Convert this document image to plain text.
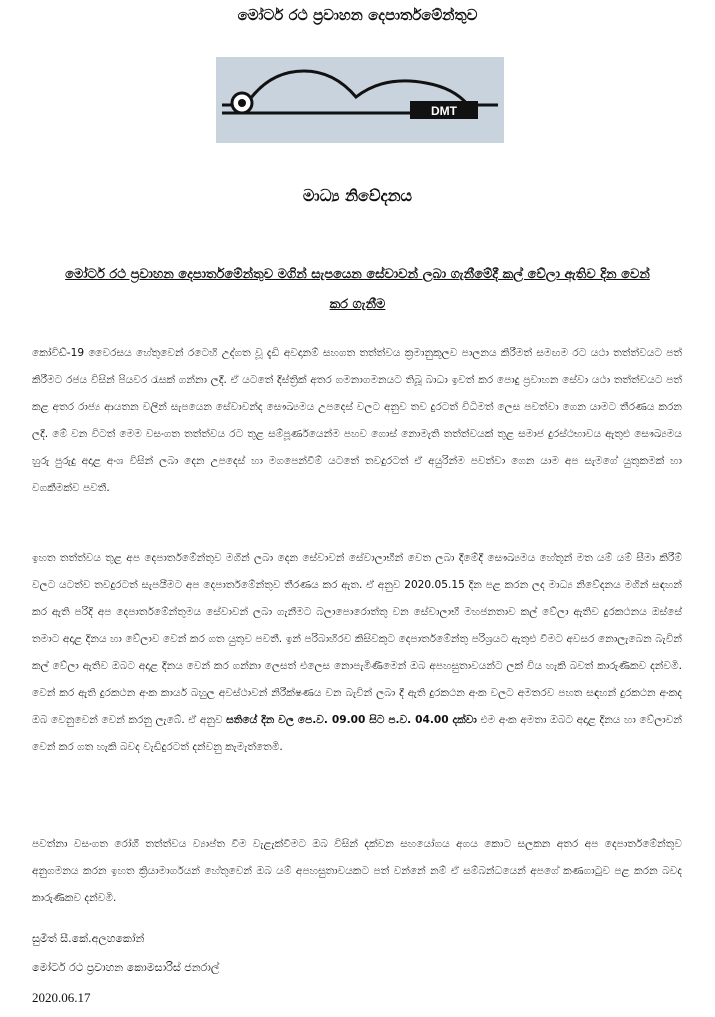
මෝටර් රථ ප්‍රවාහන දෙපාර්තමේන්තුව
DMT
මාධ්‍ය නිවේදනය
මෝටර් රථ ප්‍රවාහන දෙපාර්තමේන්තුව මගින් සැපයෙන සේවාවන් ලබා ගැනීමේදී කල් වේලා ඇතිව දින වෙන් කර ගැනීම
කෝවිඩ්-19 වෛරසය හේතුවෙන් රටෙහි උද්ගත වූ දැඩි අවදානම් සහගත තත්ත්වය ක්‍රමානුකූලව පාලනය කිරීමත් සමඟම රට යථා තත්ත්වයට පත් කිරීමට රජය විසින් පියවර රැසක් ගන්නා ලදී. ඒ යටතේ දිස්ත්‍රික් අතර ගමනාගමනයට තිබූ බාධා ඉවත් කර පොදු ප්‍රවාහන සේවා යථා තත්ත්වයට පත් කළ අතර රාජ්‍ය ආයතන වලින් සැපයෙන සේවාවන්ද සෞඛ්‍යමය උපදෙස් වලට අනුව තව දුරටත් විධිමත් ලෙස පවත්වා ගෙන යාමට තීරණය කරන ලදී. මේ වන විටත් මෙම වසංගත තත්ත්වය රට තුළ සම්පූර්ණයෙන්ම පහව ගොස් නොමැති තත්ත්වයක් තුළ සමාජ දුරස්ථභාවය ඇතුළු සෞඛ්‍යමය හුරු පුරුදු අදාළ අංශ විසින් ලබා දෙන උපදෙස් හා මගපෙන්වීම් යටතේ තවදුරටත් ඒ අයුරින්ම පවත්වා ගෙන යාම අප සැමගේ යුතුකමක් හා වගකීමක්ව පවතී.
ඉහත තත්ත්වය තුළ අප දෙපාර්තමේන්තුව මගින් ලබා දෙන සේවාවන් සේවාලාභීන් වෙත ලබා දීමේදී සෞඛ්‍යමය හේතූන් මත යම් යම් සීමා කිරීම් වලට යටත්ව තවදුරටත් සැපයීමට අප දෙපාර්තමේන්තුව තීරණය කර ඇත. ඒ අනුව 2020.05.15 දින පළ කරන ලද මාධ්‍ය නිවේදනය මගින් සඳහන් කර ඇති පරිදි අප දෙපාර්තමේන්තුමය සේවාවන් ලබා ගැනීමට බලාපොරොත්තු වන සේවාලාභී මහජනතාව කල් වේලා ඇතිව දුරකථනය ඔස්සේ තමාට අදාළ දිනය හා වේලාව වෙන් කර ගත යුතුව පවතී. ඉන් පරිබාහිරව කිසිවකුට දෙපාර්තමේන්තු පරිශ්‍රයට ඇතුළු වීමට අවසර නොලැබෙන බැවින් කල් වේලා ඇතිව ඔබට අදාළ දිනය වෙන් කර ගන්නා ලෙසත් එලෙස නොපැමිණීමෙන් ඔබ අපහසුතාවයන්ට ලක් විය හැකි බවත් කාරුණිකව දන්වමි. වෙන් කර ඇති දුරකථන අංක කාර්ය බහුල අවස්ථාවන් නිරීක්ෂණය වන බැවින් ලබා දී ඇති දුරකථන අංක වලට අමතරව පහත සඳහන් දුරකථන අංකද ඔබ වෙනුවෙන් වෙන් කරනු ලැබේ. ඒ අනුව සතියේ දින වල පෙ.ව. 09.00 සිට ප.ව. 04.00 දක්වා එම අංක අමතා ඔබට අදාළ දිනය හා වේලාවන් වෙන් කර ගත හැකි බවද වැඩිදුරටත් දන්වනු කැමැත්තෙමි.
පවත්නා වසංගත රෝගී තත්ත්වය ව්‍යාප්ත වීම වැළැක්වීමට ඔබ විසින් දක්වන සහයෝගය අගය කොට සලකන අතර අප දෙපාර්තමේන්තුව අනුගමනය කරන ඉහත ක්‍රියාමාර්ගයන් හේතුවෙන් ඔබ යම් අපහසුතාවයකට පත් වන්නේ නම් ඒ සම්බන්ධයෙන් අපගේ කණගාටුව පළ කරන බවද කාරුණිකව දන්වමි.
සුමිත් සී.කේ.අලහකෝන්
මෝටර් රථ ප්‍රවාහන කොමසාරිස් ජනරාල්
2020.06.17
